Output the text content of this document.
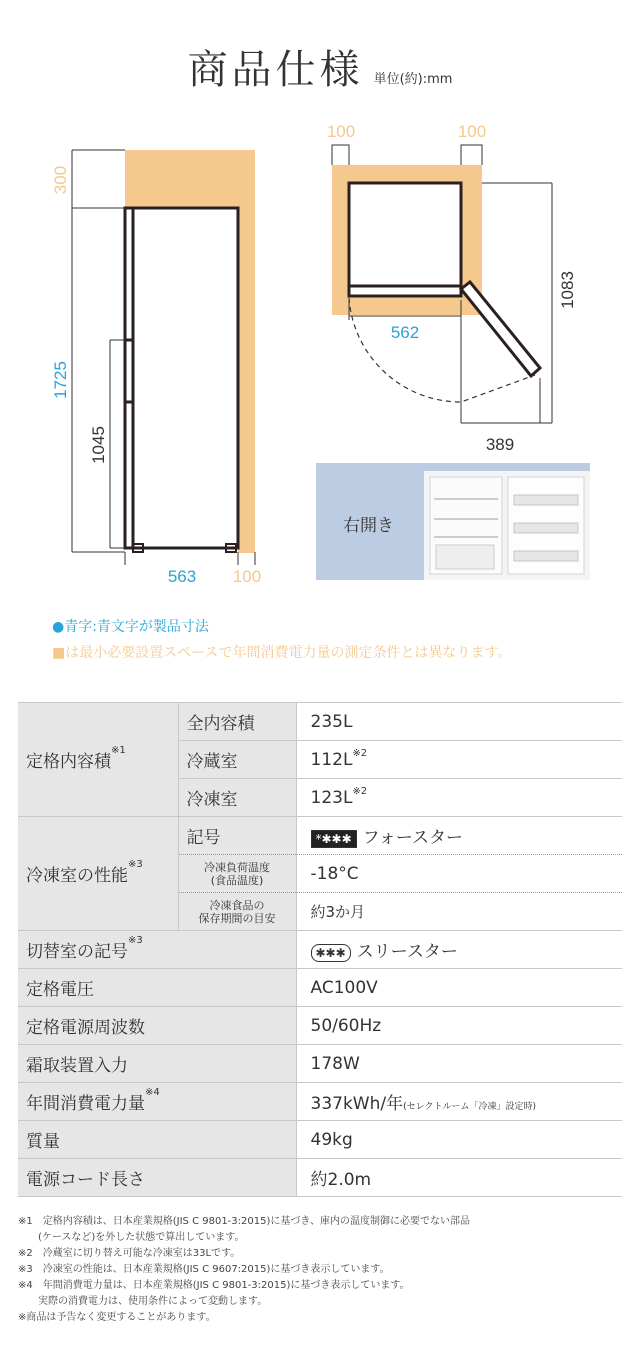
商品仕様 単位(約):mm
300
1725
1045
563 100
100	100
562
1083
389
右開き
●青字:青文字が製品寸法
■は最小必要設置スペースで年間消費電力量の測定条件とは異なります。
定格内容積$^{※1}$	全内容積	235L
	冷蔵室	$112L^{※2}$
	冷凍室	$123L^{※2}$
冷凍室の性能$^{※3}$	記号	*✱✱✱ フォースター
	冷凍負荷温度
(食品温度)	-18°C
	冷凍食品の
保存期間の目安	約3か月
切替室の記号$^{※3}$		✱✱✱ スリースター
定格電圧		AC100V
定格電源周波数		50/60Hz
霜取装置入力		178W
年間消費電力量$^{※4}$		337kWh/年(セレクトルーム「冷凍」設定時)
質量		49kg
電源コード長さ		約2.0m
※1　定格内容積は、日本産業規格(JIS C 9801-3:2015)に基づき、庫内の温度制御に必要でない部品
　　(ケースなど)を外した状態で算出しています。
※2　冷蔵室に切り替え可能な冷凍室は33Lです。
※3　冷凍室の性能は、日本産業規格(JIS C 9607:2015)に基づき表示しています。
※4　年間消費電力量は、日本産業規格(JIS C 9801-3:2015)に基づき表示しています。
　　実際の消費電力は、使用条件によって変動します。
※商品は予告なく変更することがあります。
